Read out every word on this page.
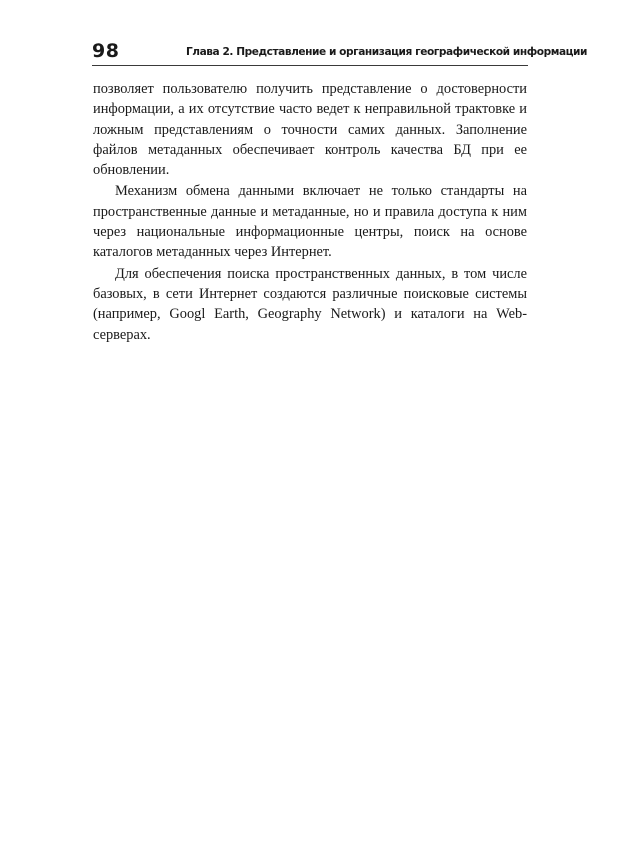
98	Глава 2. Представление и организация географической информации

позволяет пользователю получить представление о достоверности информации, а их отсутствие часто ведет к неправильной трактовке и ложным представлениям о точности самих данных. Заполнение файлов метаданных обеспечивает контроль качества БД при ее обновлении.

Механизм обмена данными включает не только стандарты на пространственные данные и метаданные, но и правила доступа к ним через национальные информационные центры, поиск на основе каталогов метаданных через Интернет.

Для обеспечения поиска пространственных данных, в том числе базовых, в сети Интернет создаются различные поисковые системы (например, Googl Earth, Geography Network) и каталоги на Web-серверах.
